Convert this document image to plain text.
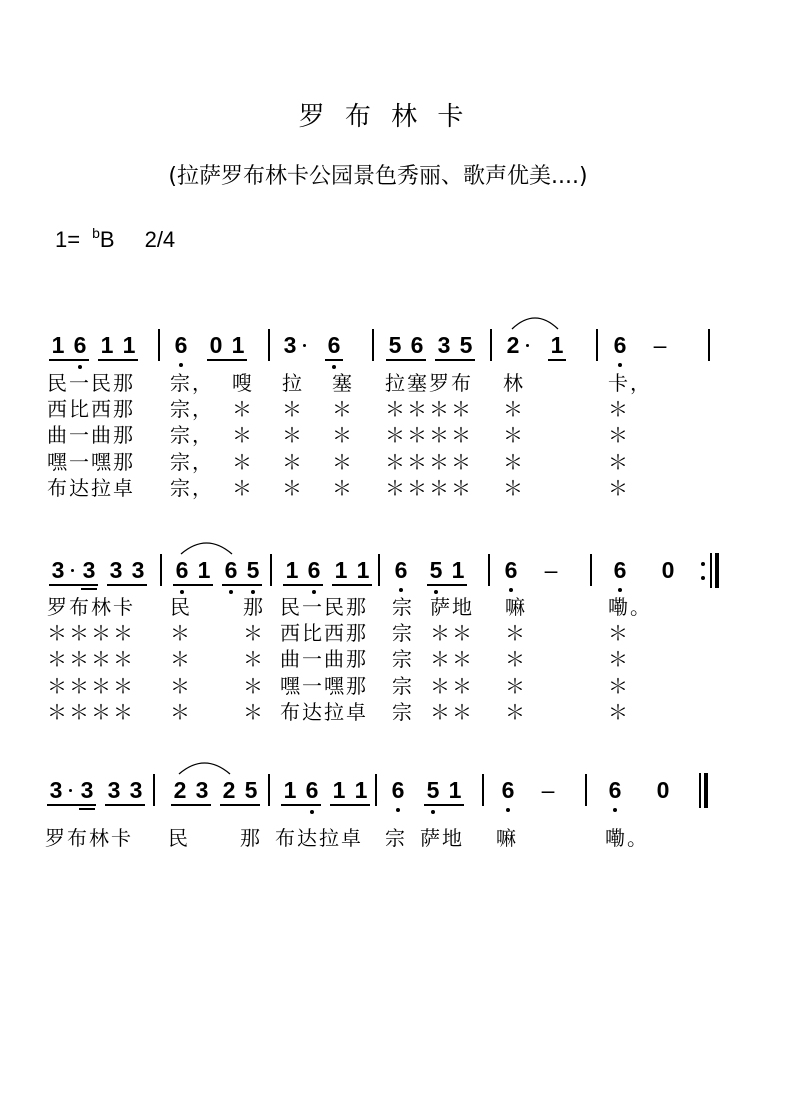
罗 布 林 卡
(拉萨罗布林卡公园景色秀丽、歌声优美....)
1= $^b$B 2/4
1 6 1 1 6 0 1 3 6 5 6 3 5 2 1 6 –
民一民那 宗， 嗖 拉 塞 拉塞罗布 林	卡，
西比西那 宗， ＊ ＊ ＊ ＊＊＊＊ ＊	＊
曲一曲那 宗， ＊ ＊ ＊ ＊＊＊＊ ＊	＊
嘿一嘿那 宗， ＊ ＊ ＊ ＊＊＊＊ ＊	＊
布达拉卓 宗， ＊ ＊ ＊ ＊＊＊＊ ＊	＊
3 3 3 3 6 1 6 5 1 6 1 1 6 5 1 6 – 6 0
罗布林卡 民	那 民一民那 宗 萨地 嘛	嘞。
＊＊＊＊ ＊	＊ 西比西那 宗 ＊＊ ＊	＊
＊＊＊＊ ＊	＊ 曲一曲那 宗 ＊＊ ＊	＊
＊＊＊＊ ＊	＊ 嘿一嘿那 宗 ＊＊ ＊	＊
＊＊＊＊ ＊	＊ 布达拉卓 宗 ＊＊ ＊	＊
3 3 3 3 2 3 2 5 1 6 1 1 6 5 1 6 – 6 0
罗布林卡 民	那 布达拉卓 宗 萨地 嘛	嘞。
